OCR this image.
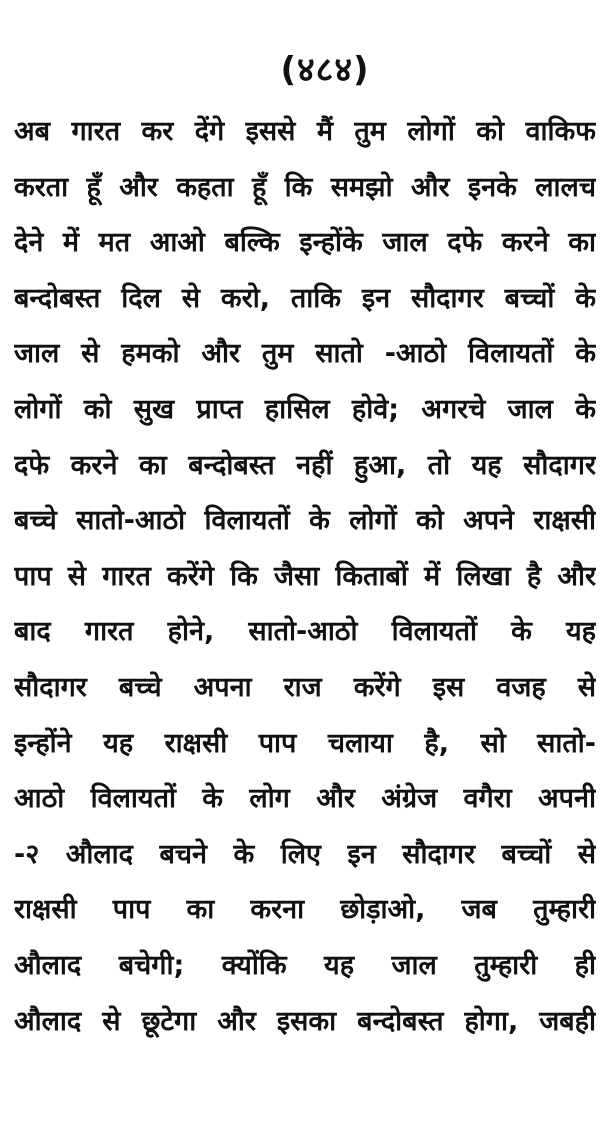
(४८४)
अब गारत कर देंगे इससे मैं तुम लोगों को वाकिफ
करता हूँ और कहता हूँ कि समझो और इनके लालच
देने में मत आओ बल्कि इन्होंके जाल दफे करने का
बन्दोबस्त दिल से करो, ताकि इन सौदागर बच्चों के
जाल से हमको और तुम सातो -आठो विलायतों के
लोगों को सुख प्राप्त हासिल होवे; अगरचे जाल के
दफे करने का बन्दोबस्त नहीं हुआ, तो यह सौदागर
बच्चे सातो-आठो विलायतों के लोगों को अपने राक्षसी
पाप से गारत करेंगे कि जैसा किताबों में लिखा है और
बाद गारत होने, सातो-आठो विलायतों के यह
सौदागर बच्चे अपना राज करेंगे इस वजह से
इन्होंने यह राक्षसी पाप चलाया है, सो सातो-
आठो विलायतों के लोग और अंग्रेज वगैरा अपनी
-२ औलाद बचने के लिए इन सौदागर बच्चों से
राक्षसी पाप का करना छोड़ाओ, जब तुम्हारी
औलाद बचेगी; क्योंकि यह जाल तुम्हारी ही
औलाद से छूटेगा और इसका बन्दोबस्त होगा, जबही
